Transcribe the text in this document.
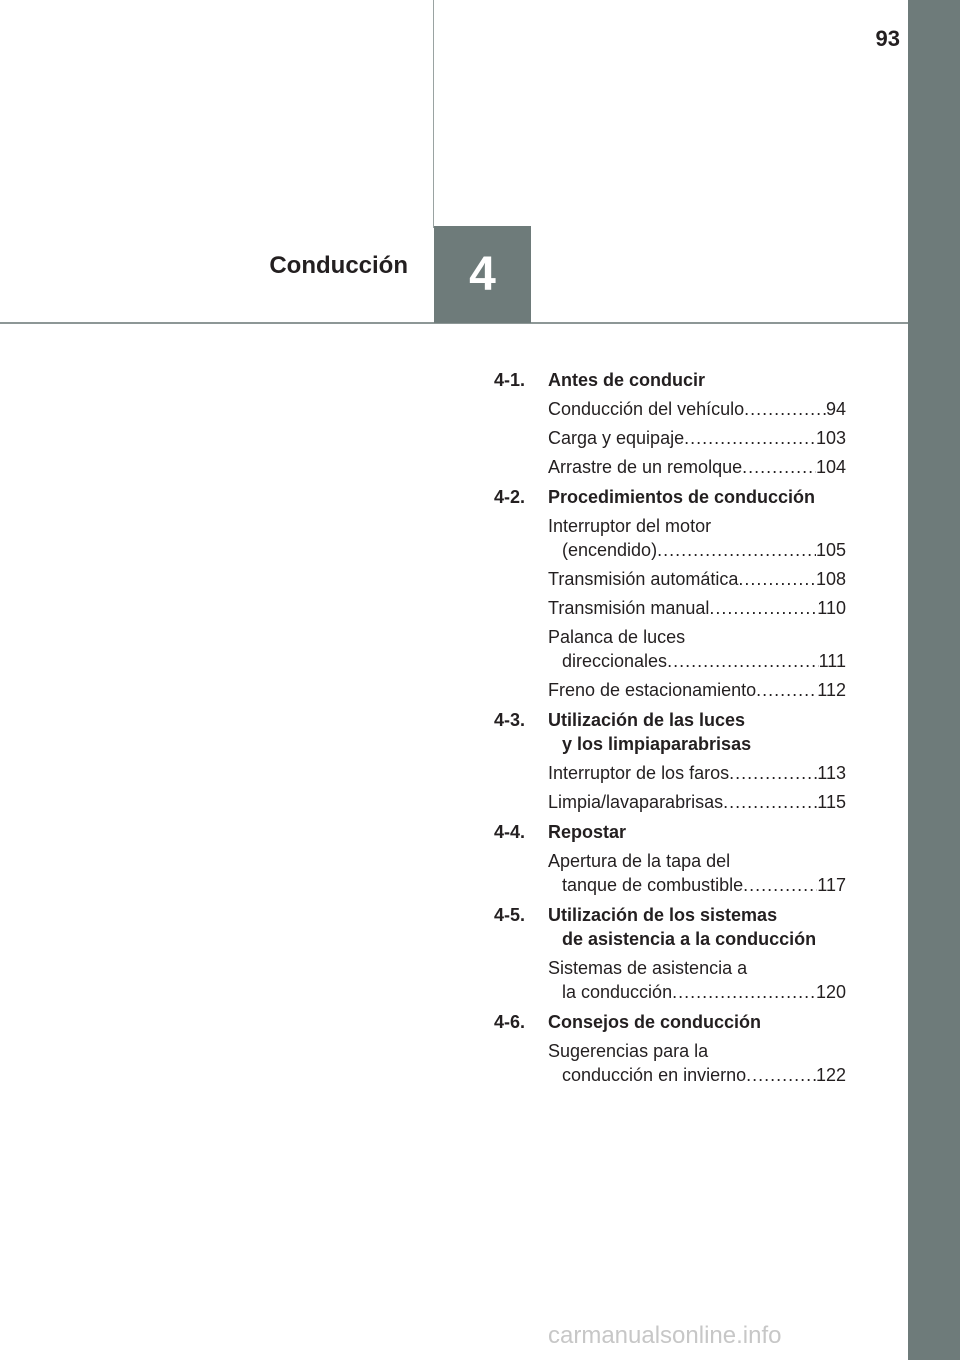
93
4
Conducción
4-1.	Antes de conducir
Conducción del vehículo .....	94
Carga y equipaje .....	103
Arrastre de un remolque .....	104
4-2.	Procedimientos de conducción
Interruptor del motor
(encendido) .....	105
Transmisión automática .....	108
Transmisión manual .....	110
Palanca de luces
direccionales .....	111
Freno de estacionamiento .....	112
4-3.	Utilización de las luces
y los limpiaparabrisas
Interruptor de los faros .....	113
Limpia/lavaparabrisas .....	115
4-4.	Repostar
Apertura de la tapa del
tanque de combustible .....	117
4-5.	Utilización de los sistemas
de asistencia a la conducción
Sistemas de asistencia a
la conducción .....	120
4-6.	Consejos de conducción
Sugerencias para la
conducción en invierno .....	122
carmanualsonline.info
